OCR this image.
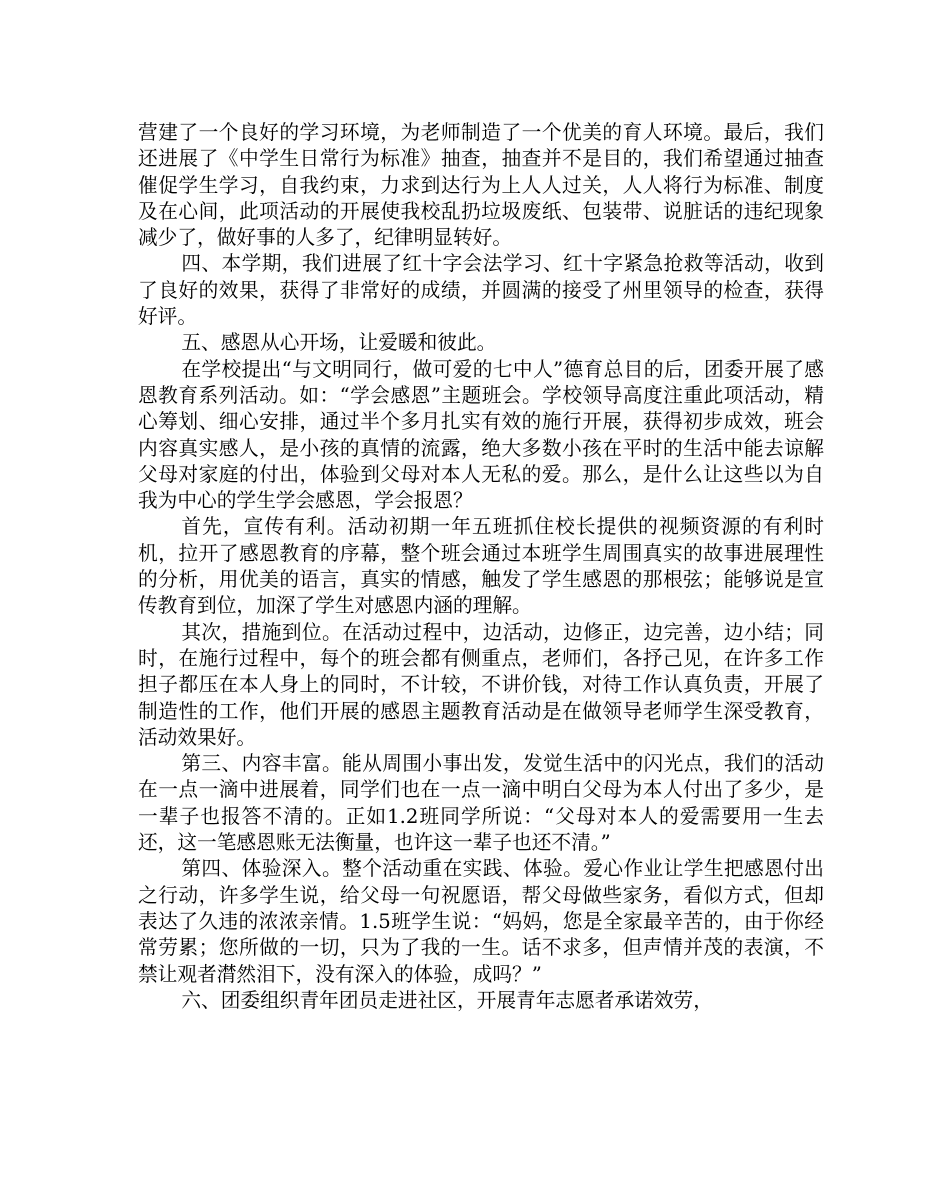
营建了一个良好的学习环境，为老师制造了一个优美的育人环境。最后，我们还进展了《中学生日常行为标准》抽查，抽查并不是目的，我们希望通过抽查催促学生学习，自我约束，力求到达行为上人人过关，人人将行为标准、制度及在心间，此项活动的开展使我校乱扔垃圾废纸、包装带、说脏话的违纪现象减少了，做好事的人多了，纪律明显转好。

四、本学期，我们进展了红十字会法学习、红十字紧急抢救等活动，收到了良好的效果，获得了非常好的成绩，并圆满的接受了州里领导的检查，获得好评。

五、感恩从心开场，让爱暖和彼此。

在学校提出“与文明同行，做可爱的七中人”德育总目的后，团委开展了感恩教育系列活动。如：“学会感恩”主题班会。学校领导高度注重此项活动，精心筹划、细心安排，通过半个多月扎实有效的施行开展，获得初步成效，班会内容真实感人，是小孩的真情的流露，绝大多数小孩在平时的生活中能去谅解父母对家庭的付出，体验到父母对本人无私的爱。那么，是什么让这些以为自我为中心的学生学会感恩，学会报恩？

首先，宣传有利。活动初期一年五班抓住校长提供的视频资源的有利时机，拉开了感恩教育的序幕，整个班会通过本班学生周围真实的故事进展理性的分析，用优美的语言，真实的情感，触发了学生感恩的那根弦；能够说是宣传教育到位，加深了学生对感恩内涵的理解。

其次，措施到位。在活动过程中，边活动，边修正，边完善，边小结；同时，在施行过程中，每个的班会都有侧重点，老师们，各抒己见，在许多工作担子都压在本人身上的同时，不计较，不讲价钱，对待工作认真负责，开展了制造性的工作，他们开展的感恩主题教育活动是在做领导老师学生深受教育，活动效果好。

第三、内容丰富。能从周围小事出发，发觉生活中的闪光点，我们的活动在一点一滴中进展着，同学们也在一点一滴中明白父母为本人付出了多少，是一辈子也报答不清的。正如1.2班同学所说：“父母对本人的爱需要用一生去还，这一笔感恩账无法衡量，也许这一辈子也还不清。”

第四、体验深入。整个活动重在实践、体验。爱心作业让学生把感恩付出之行动，许多学生说，给父母一句祝愿语，帮父母做些家务，看似方式，但却表达了久违的浓浓亲情。1.5班学生说：“妈妈，您是全家最辛苦的，由于你经常劳累；您所做的一切，只为了我的一生。话不求多，但声情并茂的表演，不禁让观者潸然泪下，没有深入的体验，成吗？”

六、团委组织青年团员走进社区，开展青年志愿者承诺效劳，
